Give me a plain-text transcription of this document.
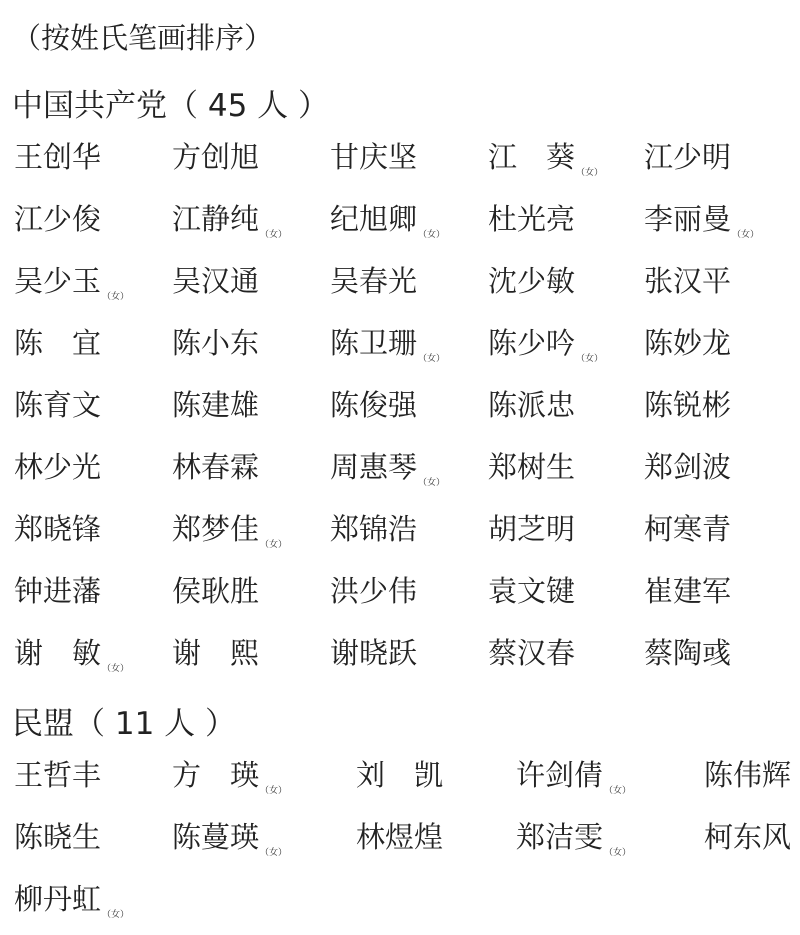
（按姓氏笔画排序）
中国共产党（ 45 人 ）
王创华 方创旭 甘庆坚 江　葵$_{(女)}$ 江少明
江少俊 江静纯$_{(女)}$ 纪旭卿$_{(女)}$ 杜光亮 李丽曼$_{(女)}$
吴少玉$_{(女)}$ 吴汉通 吴春光 沈少敏 张汉平
陈　宜 陈小东 陈卫珊$_{(女)}$ 陈少吟$_{(女)}$ 陈妙龙
陈育文 陈建雄 陈俊强 陈派忠 陈锐彬
林少光 林春霖 周惠琴$_{(女)}$ 郑树生 郑剑波
郑晓锋 郑梦佳$_{(女)}$ 郑锦浩 胡芝明 柯寒青
钟进藩 侯耿胜 洪少伟 袁文键 崔建军
谢　敏$_{(女)}$ 谢　熙 谢晓跃 蔡汉春 蔡陶彧
民盟（ 11 人 ）
王哲丰 方　瑛$_{(女)}$ 刘　凯	许剑倩$_{(女)}$	陈伟辉
陈晓生 陈蔓瑛$_{(女)}$ 林煜煌	郑洁雯$_{(女)}$	柯东风
柳丹虹$_{(女)}$
